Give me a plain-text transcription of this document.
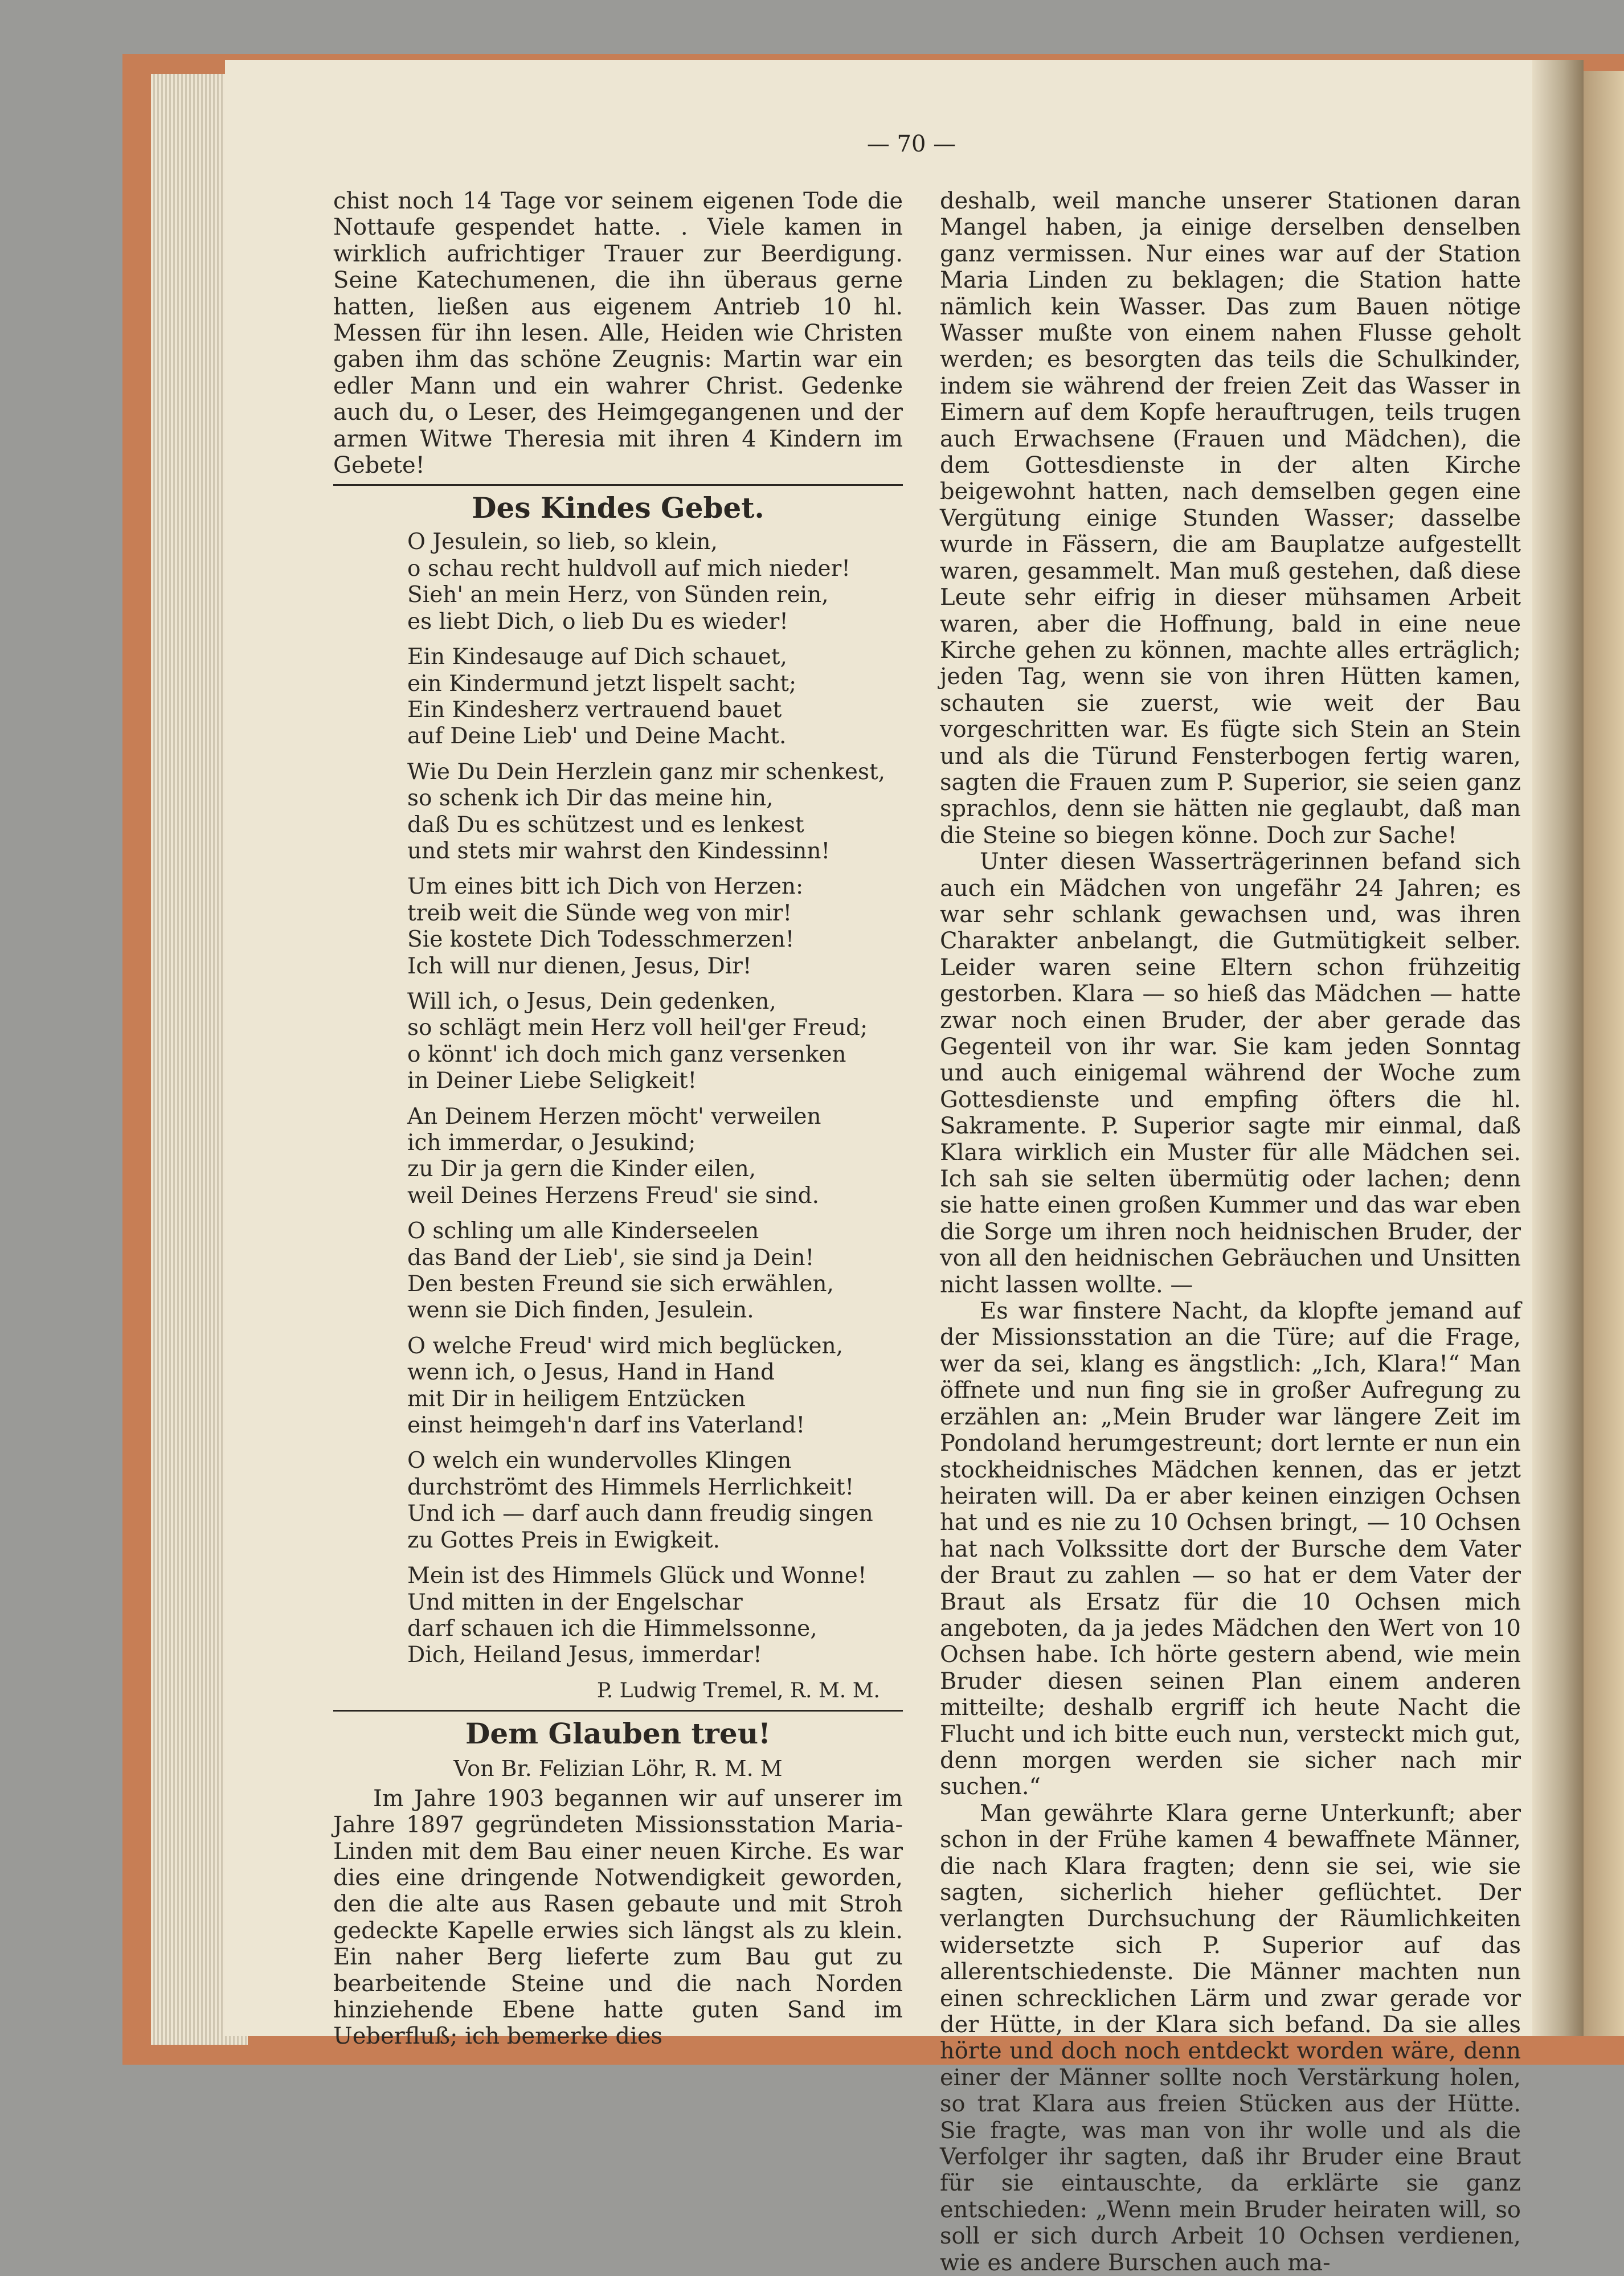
— 70 —

chist noch 14 Tage vor seinem eigenen Tode die Nottaufe gespendet hatte. . Viele kamen in wirklich aufrichtiger Trauer zur Beerdigung. Seine Katechumenen, die ihn überaus gerne hatten, ließen aus eigenem Antrieb 10 hl. Messen für ihn lesen. Alle, Heiden wie Christen gaben ihm das schöne Zeugnis: Martin war ein edler Mann und ein wahrer Christ. Gedenke auch du, o Leser, des Heimgegangenen und der armen Witwe Theresia mit ihren 4 Kindern im Gebete!

Des Kindes Gebet.
O Jesulein, so lieb, so klein,
o schau recht huldvoll auf mich nieder!
Sieh' an mein Herz, von Sünden rein,
es liebt Dich, o lieb Du es wieder!
Ein Kindesauge auf Dich schauet,
ein Kindermund jetzt lispelt sacht;
Ein Kindesherz vertrauend bauet
auf Deine Lieb' und Deine Macht.
Wie Du Dein Herzlein ganz mir schenkest,
so schenk ich Dir das meine hin,
daß Du es schützest und es lenkest
und stets mir wahrst den Kindessinn!
Um eines bitt ich Dich von Herzen:
treib weit die Sünde weg von mir!
Sie kostete Dich Todesschmerzen!
Ich will nur dienen, Jesus, Dir!
Will ich, o Jesus, Dein gedenken,
so schlägt mein Herz voll heil'ger Freud;
o könnt' ich doch mich ganz versenken
in Deiner Liebe Seligkeit!
An Deinem Herzen möcht' verweilen
ich immerdar, o Jesukind;
zu Dir ja gern die Kinder eilen,
weil Deines Herzens Freud' sie sind.
O schling um alle Kinderseelen
das Band der Lieb', sie sind ja Dein!
Den besten Freund sie sich erwählen,
wenn sie Dich finden, Jesulein.
O welche Freud' wird mich beglücken,
wenn ich, o Jesus, Hand in Hand
mit Dir in heiligem Entzücken
einst heimgeh'n darf ins Vaterland!
O welch ein wundervolles Klingen
durchströmt des Himmels Herrlichkeit!
Und ich — darf auch dann freudig singen
zu Gottes Preis in Ewigkeit.
Mein ist des Himmels Glück und Wonne!
Und mitten in der Engelschar
darf schauen ich die Himmelssonne,
Dich, Heiland Jesus, immerdar!
P. Ludwig Tremel, R. M. M.
Dem Glauben treu!
Von Br. Felizian Löhr, R. M. M

Im Jahre 1903 begannen wir auf unserer im Jahre 1897 gegründeten Missionsstation Maria-Linden mit dem Bau einer neuen Kirche. Es war dies eine dringende Notwendigkeit geworden, den die alte aus Rasen gebaute und mit Stroh gedeckte Kapelle erwies sich längst als zu klein. Ein naher Berg lieferte zum Bau gut zu bearbeitende Steine und die nach Norden hinziehende Ebene hatte guten Sand im Ueberfluß; ich bemerke dies

deshalb, weil manche unserer Stationen daran Mangel haben, ja einige derselben denselben ganz vermissen. Nur eines war auf der Station Maria Linden zu beklagen; die Station hatte nämlich kein Wasser. Das zum Bauen nötige Wasser mußte von einem nahen Flusse geholt werden; es besorgten das teils die Schulkinder, indem sie während der freien Zeit das Wasser in Eimern auf dem Kopfe herauftrugen, teils trugen auch Erwachsene (Frauen und Mädchen), die dem Gottesdienste in der alten Kirche beigewohnt hatten, nach demselben gegen eine Vergütung einige Stunden Wasser; dasselbe wurde in Fässern, die am Bauplatze aufgestellt waren, gesammelt. Man muß gestehen, daß diese Leute sehr eifrig in dieser mühsamen Arbeit waren, aber die Hoffnung, bald in eine neue Kirche gehen zu können, machte alles erträglich; jeden Tag, wenn sie von ihren Hütten kamen, schauten sie zuerst, wie weit der Bau vorgeschritten war. Es fügte sich Stein an Stein und als die Türund Fensterbogen fertig waren, sagten die Frauen zum P. Superior, sie seien ganz sprachlos, denn sie hätten nie geglaubt, daß man die Steine so biegen könne. Doch zur Sache!

Unter diesen Wasserträgerinnen befand sich auch ein Mädchen von ungefähr 24 Jahren; es war sehr schlank gewachsen und, was ihren Charakter anbelangt, die Gutmütigkeit selber. Leider waren seine Eltern schon frühzeitig gestorben. Klara — so hieß das Mädchen — hatte zwar noch einen Bruder, der aber gerade das Gegenteil von ihr war. Sie kam jeden Sonntag und auch einigemal während der Woche zum Gottesdienste und empfing öfters die hl. Sakramente. P. Superior sagte mir einmal, daß Klara wirklich ein Muster für alle Mädchen sei. Ich sah sie selten übermütig oder lachen; denn sie hatte einen großen Kummer und das war eben die Sorge um ihren noch heidnischen Bruder, der von all den heidnischen Gebräuchen und Unsitten nicht lassen wollte. —

Es war finstere Nacht, da klopfte jemand auf der Missionsstation an die Türe; auf die Frage, wer da sei, klang es ängstlich: „Ich, Klara!“ Man öffnete und nun fing sie in großer Aufregung zu erzählen an: „Mein Bruder war längere Zeit im Pondoland herumgestreunt; dort lernte er nun ein stockheidnisches Mädchen kennen, das er jetzt heiraten will. Da er aber keinen einzigen Ochsen hat und es nie zu 10 Ochsen bringt, — 10 Ochsen hat nach Volkssitte dort der Bursche dem Vater der Braut zu zahlen — so hat er dem Vater der Braut als Ersatz für die 10 Ochsen mich angeboten, da ja jedes Mädchen den Wert von 10 Ochsen habe. Ich hörte gestern abend, wie mein Bruder diesen seinen Plan einem anderen mitteilte; deshalb ergriff ich heute Nacht die Flucht und ich bitte euch nun, versteckt mich gut, denn morgen werden sie sicher nach mir suchen.“

Man gewährte Klara gerne Unterkunft; aber schon in der Frühe kamen 4 bewaffnete Männer, die nach Klara fragten; denn sie sei, wie sie sagten, sicherlich hieher geflüchtet. Der verlangten Durchsuchung der Räumlichkeiten widersetzte sich P. Superior auf das allerentschiedenste. Die Männer machten nun einen schrecklichen Lärm und zwar gerade vor der Hütte, in der Klara sich befand. Da sie alles hörte und doch noch entdeckt worden wäre, denn einer der Männer sollte noch Verstärkung holen, so trat Klara aus freien Stücken aus der Hütte. Sie fragte, was man von ihr wolle und als die Verfolger ihr sagten, daß ihr Bruder eine Braut für sie eintauschte, da erklärte sie ganz entschieden: „Wenn mein Bruder heiraten will, so soll er sich durch Arbeit 10 Ochsen verdienen, wie es andere Burschen auch ma-
